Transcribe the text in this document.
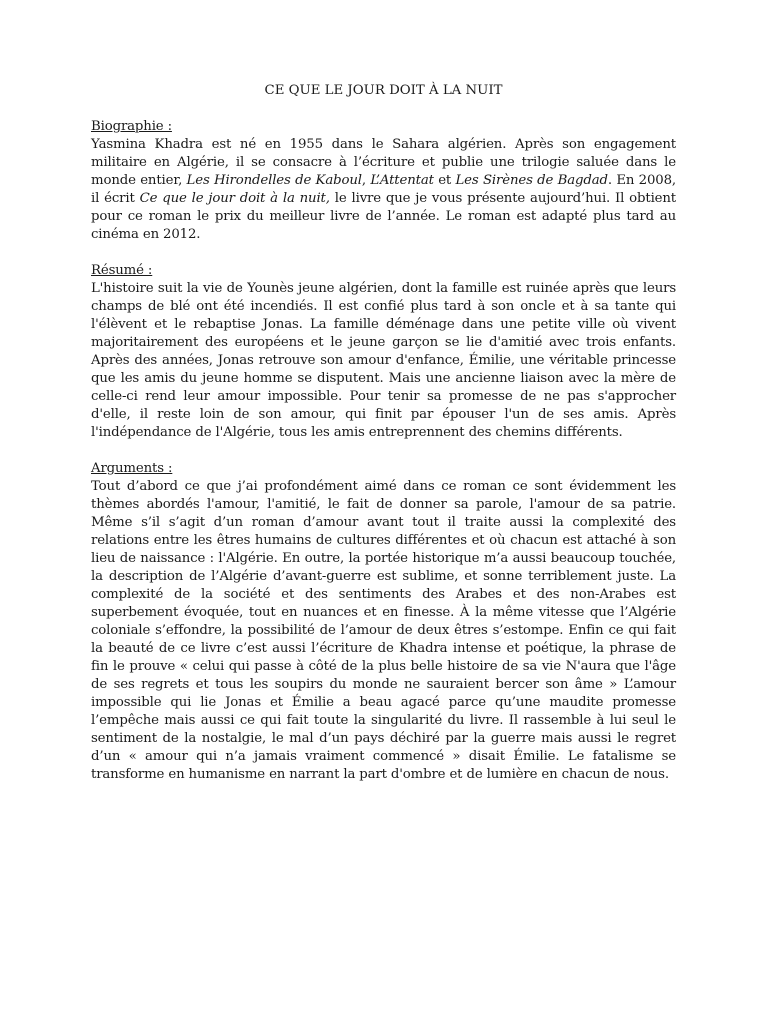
CE QUE LE JOUR DOIT À LA NUIT

Biographie :

Yasmina Khadra est né en 1955 dans le Sahara algérien. Après son engagement militaire en Algérie, il se consacre à l’écriture et publie une trilogie saluée dans le monde entier, Les Hirondelles de Kaboul, L’Attentat et Les Sirènes de Bagdad. En 2008, il écrit Ce que le jour doit à la nuit, le livre que je vous présente aujourd’hui. Il obtient pour ce roman le prix du meilleur livre de l’année. Le roman est adapté plus tard au cinéma en 2012.

Résumé :

L'histoire suit la vie de Younès jeune algérien, dont la famille est ruinée après que leurs champs de blé ont été incendiés. Il est confié plus tard à son oncle et à sa tante qui l'élèvent et le rebaptise Jonas. La famille déménage dans une petite ville où vivent majoritairement des européens et le jeune garçon se lie d'amitié avec trois enfants. Après des années, Jonas retrouve son amour d'enfance, Émilie, une véritable princesse que les amis du jeune homme se disputent. Mais une ancienne liaison avec la mère de celle-ci rend leur amour impossible. Pour tenir sa promesse de ne pas s'approcher d'elle, il reste loin de son amour, qui finit par épouser l'un de ses amis. Après l'indépendance de l'Algérie, tous les amis entreprennent des chemins différents.

Arguments :

Tout d’abord ce que j’ai profondément aimé dans ce roman ce sont évidemment les thèmes abordés l'amour, l'amitié, le fait de donner sa parole, l'amour de sa patrie. Même s’il s’agit d’un roman d’amour avant tout il traite aussi la complexité des relations entre les êtres humains de cultures différentes et où chacun est attaché à son lieu de naissance : l'Algérie. En outre, la portée historique m’a aussi beaucoup touchée, la description de l’Algérie d’avant-guerre est sublime, et sonne terriblement juste. La complexité de la société et des sentiments des Arabes et des non-Arabes est superbement évoquée, tout en nuances et en finesse. À la même vitesse que l’Algérie coloniale s’effondre, la possibilité de l’amour de deux êtres s’estompe. Enfin ce qui fait la beauté de ce livre c’est aussi l’écriture de Khadra intense et poétique, la phrase de fin le prouve « celui qui passe à côté de la plus belle histoire de sa vie N'aura que l'âge de ses regrets et tous les soupirs du monde ne sauraient bercer son âme » L’amour impossible qui lie Jonas et Émilie a beau agacé parce qu’une maudite promesse l’empêche mais aussi ce qui fait toute la singularité du livre. Il rassemble à lui seul le sentiment de la nostalgie, le mal d’un pays déchiré par la guerre mais aussi le regret d’un « amour qui n’a jamais vraiment commencé » disait Émilie. Le fatalisme se transforme en humanisme en narrant la part d'ombre et de lumière en chacun de nous.
